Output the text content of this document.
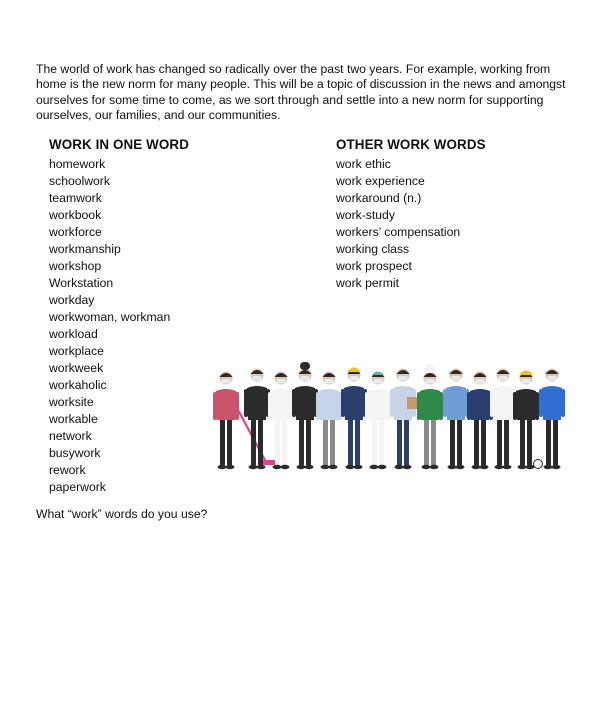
The world of work has changed so radically over the past two years. For example, working from home is the new norm for many people. This will be a topic of discussion in the news and amongst ourselves for some time to come, as we sort through and settle into a new norm for supporting ourselves, our families, and our communities.

WORK IN ONE WORD
homework
schoolwork
teamwork
workbook
workforce
workmanship
workshop
Workstation
workday
workwoman, workman
workload
workplace
workweek
workaholic
worksite
workable
network
busywork
rework
paperwork
OTHER WORK WORDS
work ethic
work experience
workaround (n.)
work-study
workers’ compensation
working class
work prospect
work permit

What “work” words do you use?
